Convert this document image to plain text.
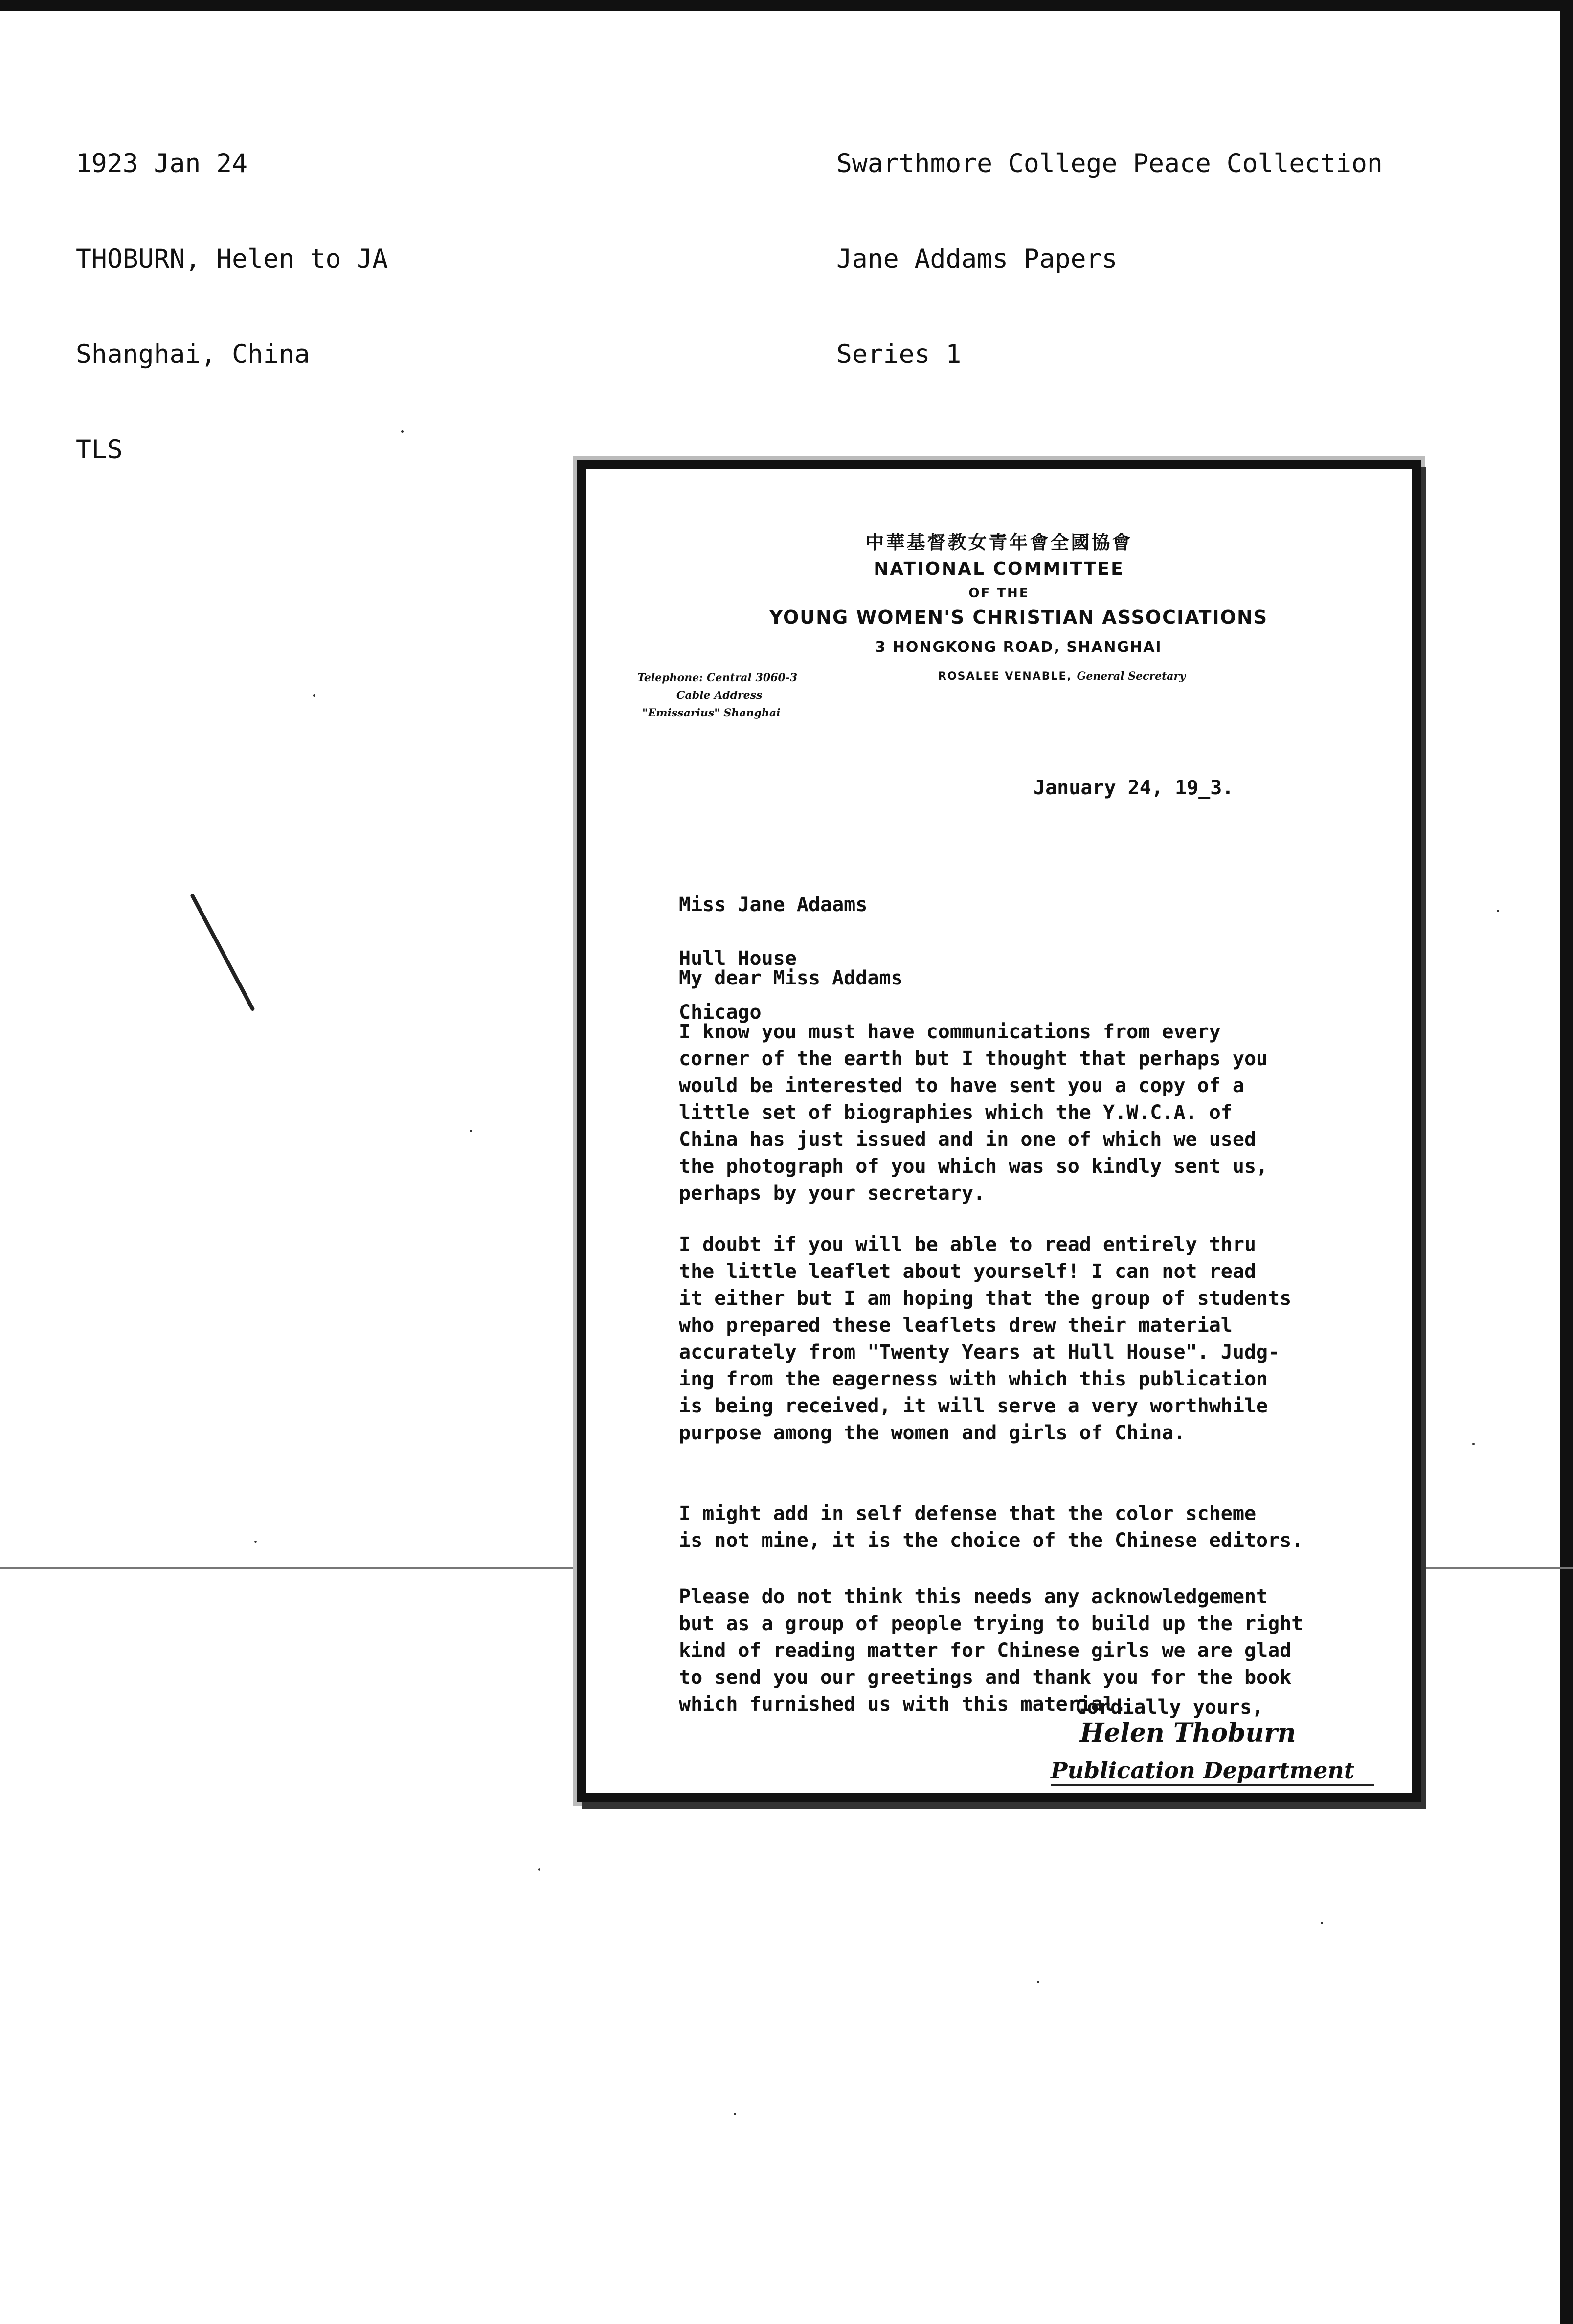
1923 Jan 24

THOBURN, Helen to JA

Shanghai, China

TLS

Swarthmore College Peace Collection

Jane Addams Papers

Series 1

中華基督教女青年會全國協會
NATIONAL COMMITTEE
OF THE
YOUNG WOMEN'S CHRISTIAN ASSOCIATIONS
3 HONGKONG ROAD, SHANGHAI
Telephone: Central 3060-3
Cable Address
"Emissarius" Shanghai
ROSALEE VENABLE, General Secretary
January 24, 19_3.

Miss Jane Adaams

Hull House

Chicago

My dear Miss Addams
I know you must have communications from every
corner of the earth but I thought that perhaps you
would be interested to have sent you a copy of a
little set of biographies which the Y.W.C.A. of
China has just issued and in one of which we used
the photograph of you which was so kindly sent us,
perhaps by your secretary.
I doubt if you will be able to read entirely thru
the little leaflet about yourself! I can not read
it either but I am hoping that the group of students
who prepared these leaflets drew their material
accurately from "Twenty Years at Hull House". Judg-
ing from the eagerness with which this publication
is being received, it will serve a very worthwhile
purpose among the women and girls of China.
I might add in self defense that the color scheme
is not mine, it is the choice of the Chinese editors.
Please do not think this needs any acknowledgement
but as a group of people trying to build up the right
kind of reading matter for Chinese girls we are glad
to send you our greetings and thank you for the book
which furnished us with this material.
Cordially yours,
Helen Thoburn
Publication Department
